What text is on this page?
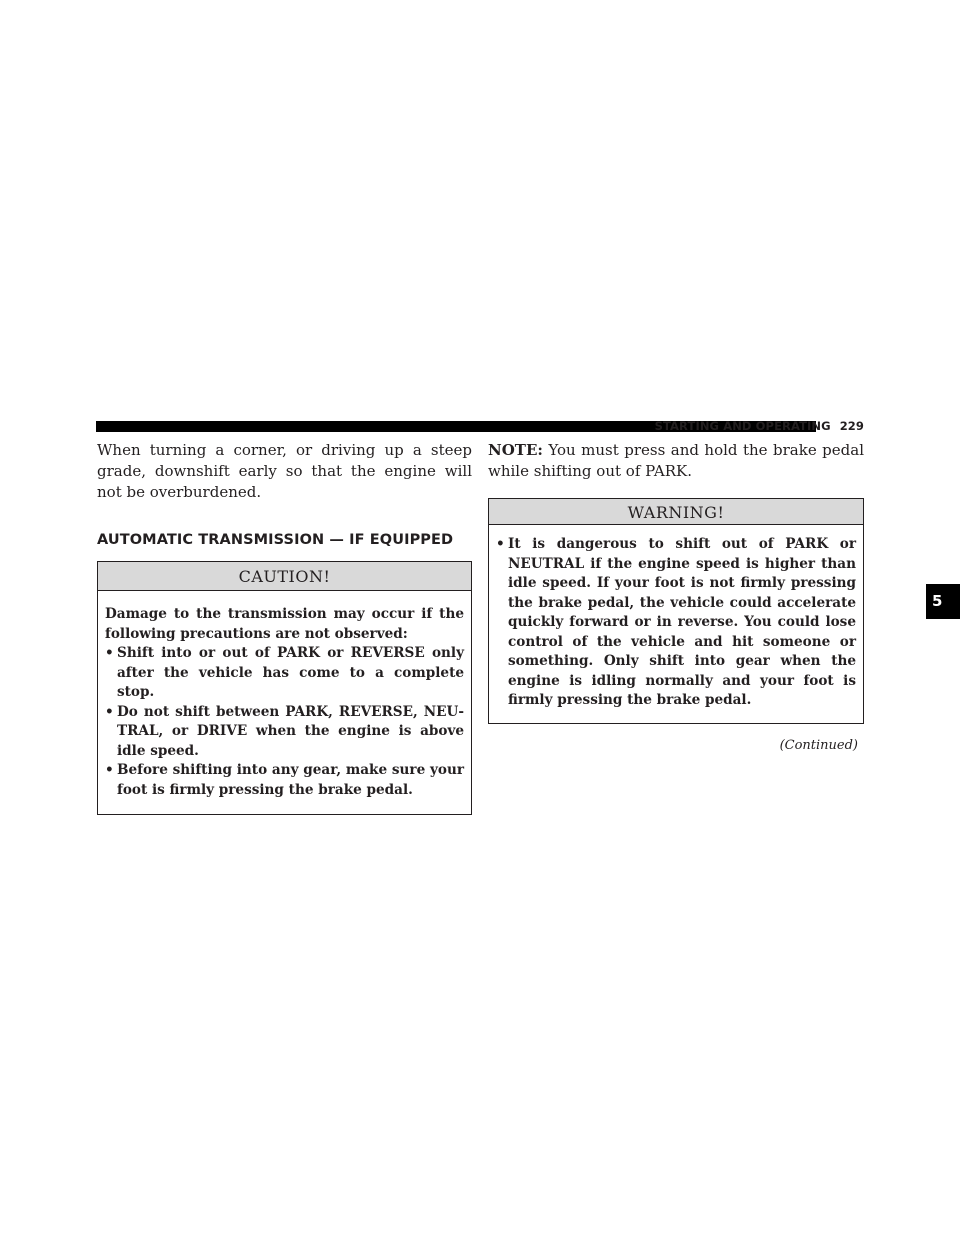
STARTING AND OPERATING 229
5

When turning a corner, or driving up a steep grade, downshift early so that the engine will not be overburdened.

AUTOMATIC TRANSMISSION — IF EQUIPPED
CAUTION!

Damage to the transmission may occur if the following precautions are not observed:

• Shift into or out of PARK or REVERSE only after the vehicle has come to a complete stop.
• Do not shift between PARK, REVERSE, NEUTRAL, or DRIVE when the engine is above idle speed.
• Before shifting into any gear, make sure your foot is firmly pressing the brake pedal.

NOTE: You must press and hold the brake pedal while shifting out of PARK.

WARNING!
• It is dangerous to shift out of PARK or NEUTRAL if the engine speed is higher than idle speed. If your foot is not firmly pressing the brake pedal, the vehicle could accelerate quickly forward or in reverse. You could lose control of the vehicle and hit someone or something. Only shift into gear when the engine is idling normally and your foot is firmly pressing the brake pedal.
(Continued)
